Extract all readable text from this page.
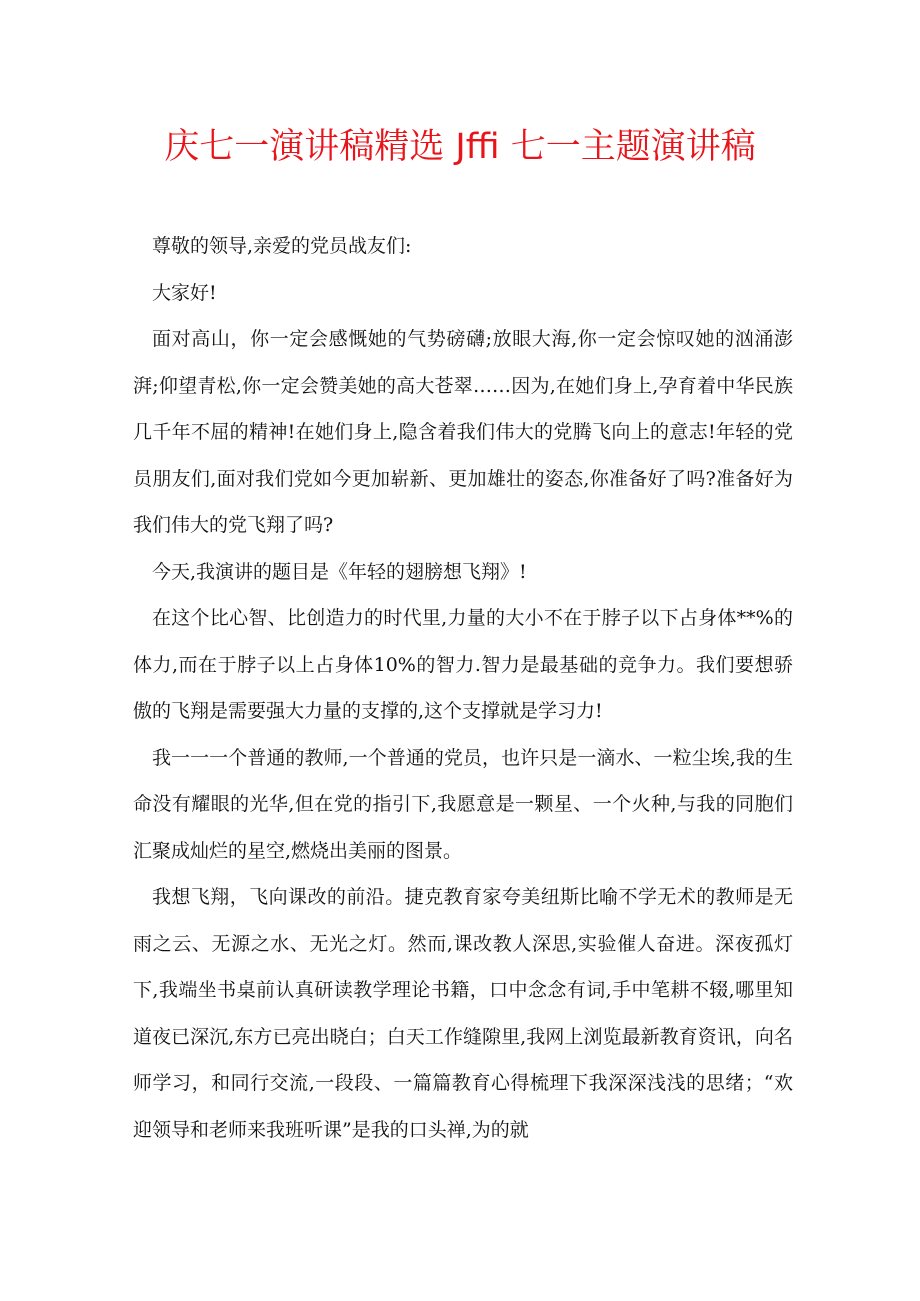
庆七一演讲稿精选 Jffi 七一主题演讲稿

尊敬的领导,亲爱的党员战友们:

大家好!

面对高山，你一定会感慨她的气势磅礴;放眼大海,你一定会惊叹她的汹涌澎湃;仰望青松,你一定会赞美她的高大苍翠……因为,在她们身上,孕育着中华民族几千年不屈的精神!在她们身上,隐含着我们伟大的党腾飞向上的意志!年轻的党员朋友们,面对我们党如今更加崭新、更加雄壮的姿态,你准备好了吗?准备好为我们伟大的党飞翔了吗?

今天,我演讲的题目是《年轻的翅膀想飞翔》!

在这个比心智、比创造力的时代里,力量的大小不在于脖子以下占身体**%的体力,而在于脖子以上占身体10%的智力.智力是最基础的竞争力。我们要想骄傲的飞翔是需要强大力量的支撑的,这个支撑就是学习力!

我一一一个普通的教师,一个普通的党员，也许只是一滴水、一粒尘埃,我的生命没有耀眼的光华,但在党的指引下,我愿意是一颗星、一个火种,与我的同胞们汇聚成灿烂的星空,燃烧出美丽的图景。

我想飞翔，飞向课改的前沿。捷克教育家夸美纽斯比喻不学无术的教师是无雨之云、无源之水、无光之灯。然而,课改教人深思,实验催人奋进。深夜孤灯下,我端坐书桌前认真研读教学理论书籍，口中念念有词,手中笔耕不辍,哪里知道夜已深沉,东方已亮出晓白；白天工作缝隙里,我网上浏览最新教育资讯，向名师学习，和同行交流,一段段、一篇篇教育心得梳理下我深深浅浅的思绪；“欢迎领导和老师来我班听课”是我的口头禅,为的就
